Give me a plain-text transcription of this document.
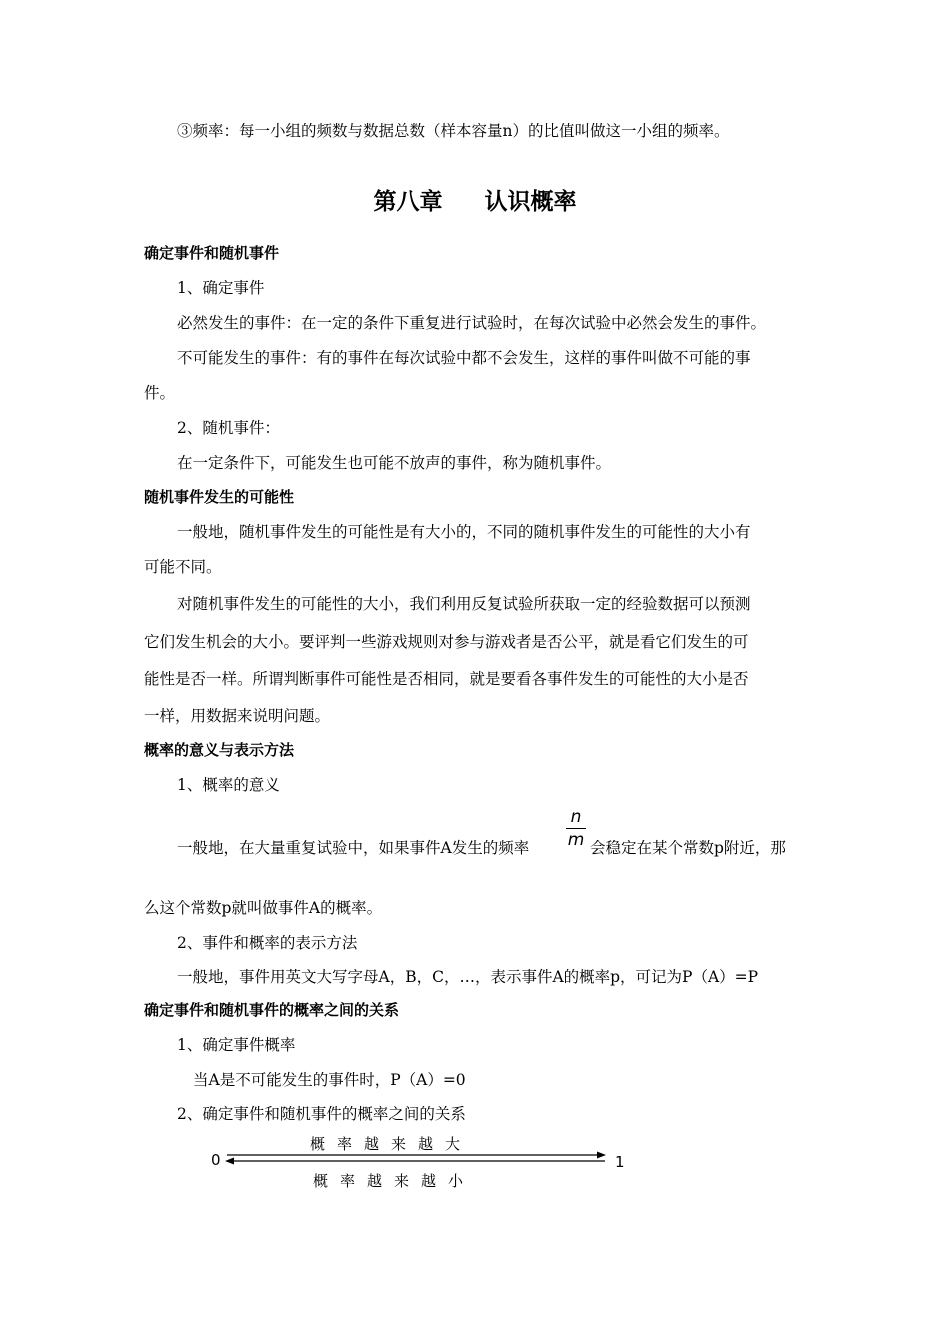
③频率：每一小组的频数与数据总数（样本容量n）的比值叫做这一小组的频率。
第八章 认识概率
确定事件和随机事件
1、确定事件
必然发生的事件：在一定的条件下重复进行试验时，在每次试验中必然会发生的事件。
不可能发生的事件：有的事件在每次试验中都不会发生，这样的事件叫做不可能的事
件。
2、随机事件：
在一定条件下，可能发生也可能不放声的事件，称为随机事件。
随机事件发生的可能性
一般地，随机事件发生的可能性是有大小的，不同的随机事件发生的可能性的大小有
可能不同。
对随机事件发生的可能性的大小，我们利用反复试验所获取一定的经验数据可以预测
它们发生机会的大小。要评判一些游戏规则对参与游戏者是否公平，就是看它们发生的可
能性是否一样。所谓判断事件可能性是否相同，就是要看各事件发生的可能性的大小是否
一样，用数据来说明问题。
概率的意义与表示方法
1、概率的意义
一般地，在大量重复试验中，如果事件A发生的频率
n
m 会稳定在某个常数p附近，那
么这个常数p就叫做事件A的概率。
2、事件和概率的表示方法
一般地，事件用英文大写字母A，B，C，…，表示事件A的概率p，可记为P（A）=P
确定事件和随机事件的概率之间的关系
1、确定事件概率
当A是不可能发生的事件时，P（A）=0
2、确定事件和随机事件的概率之间的关系
概率越来越大
0	1
概率越来越小
